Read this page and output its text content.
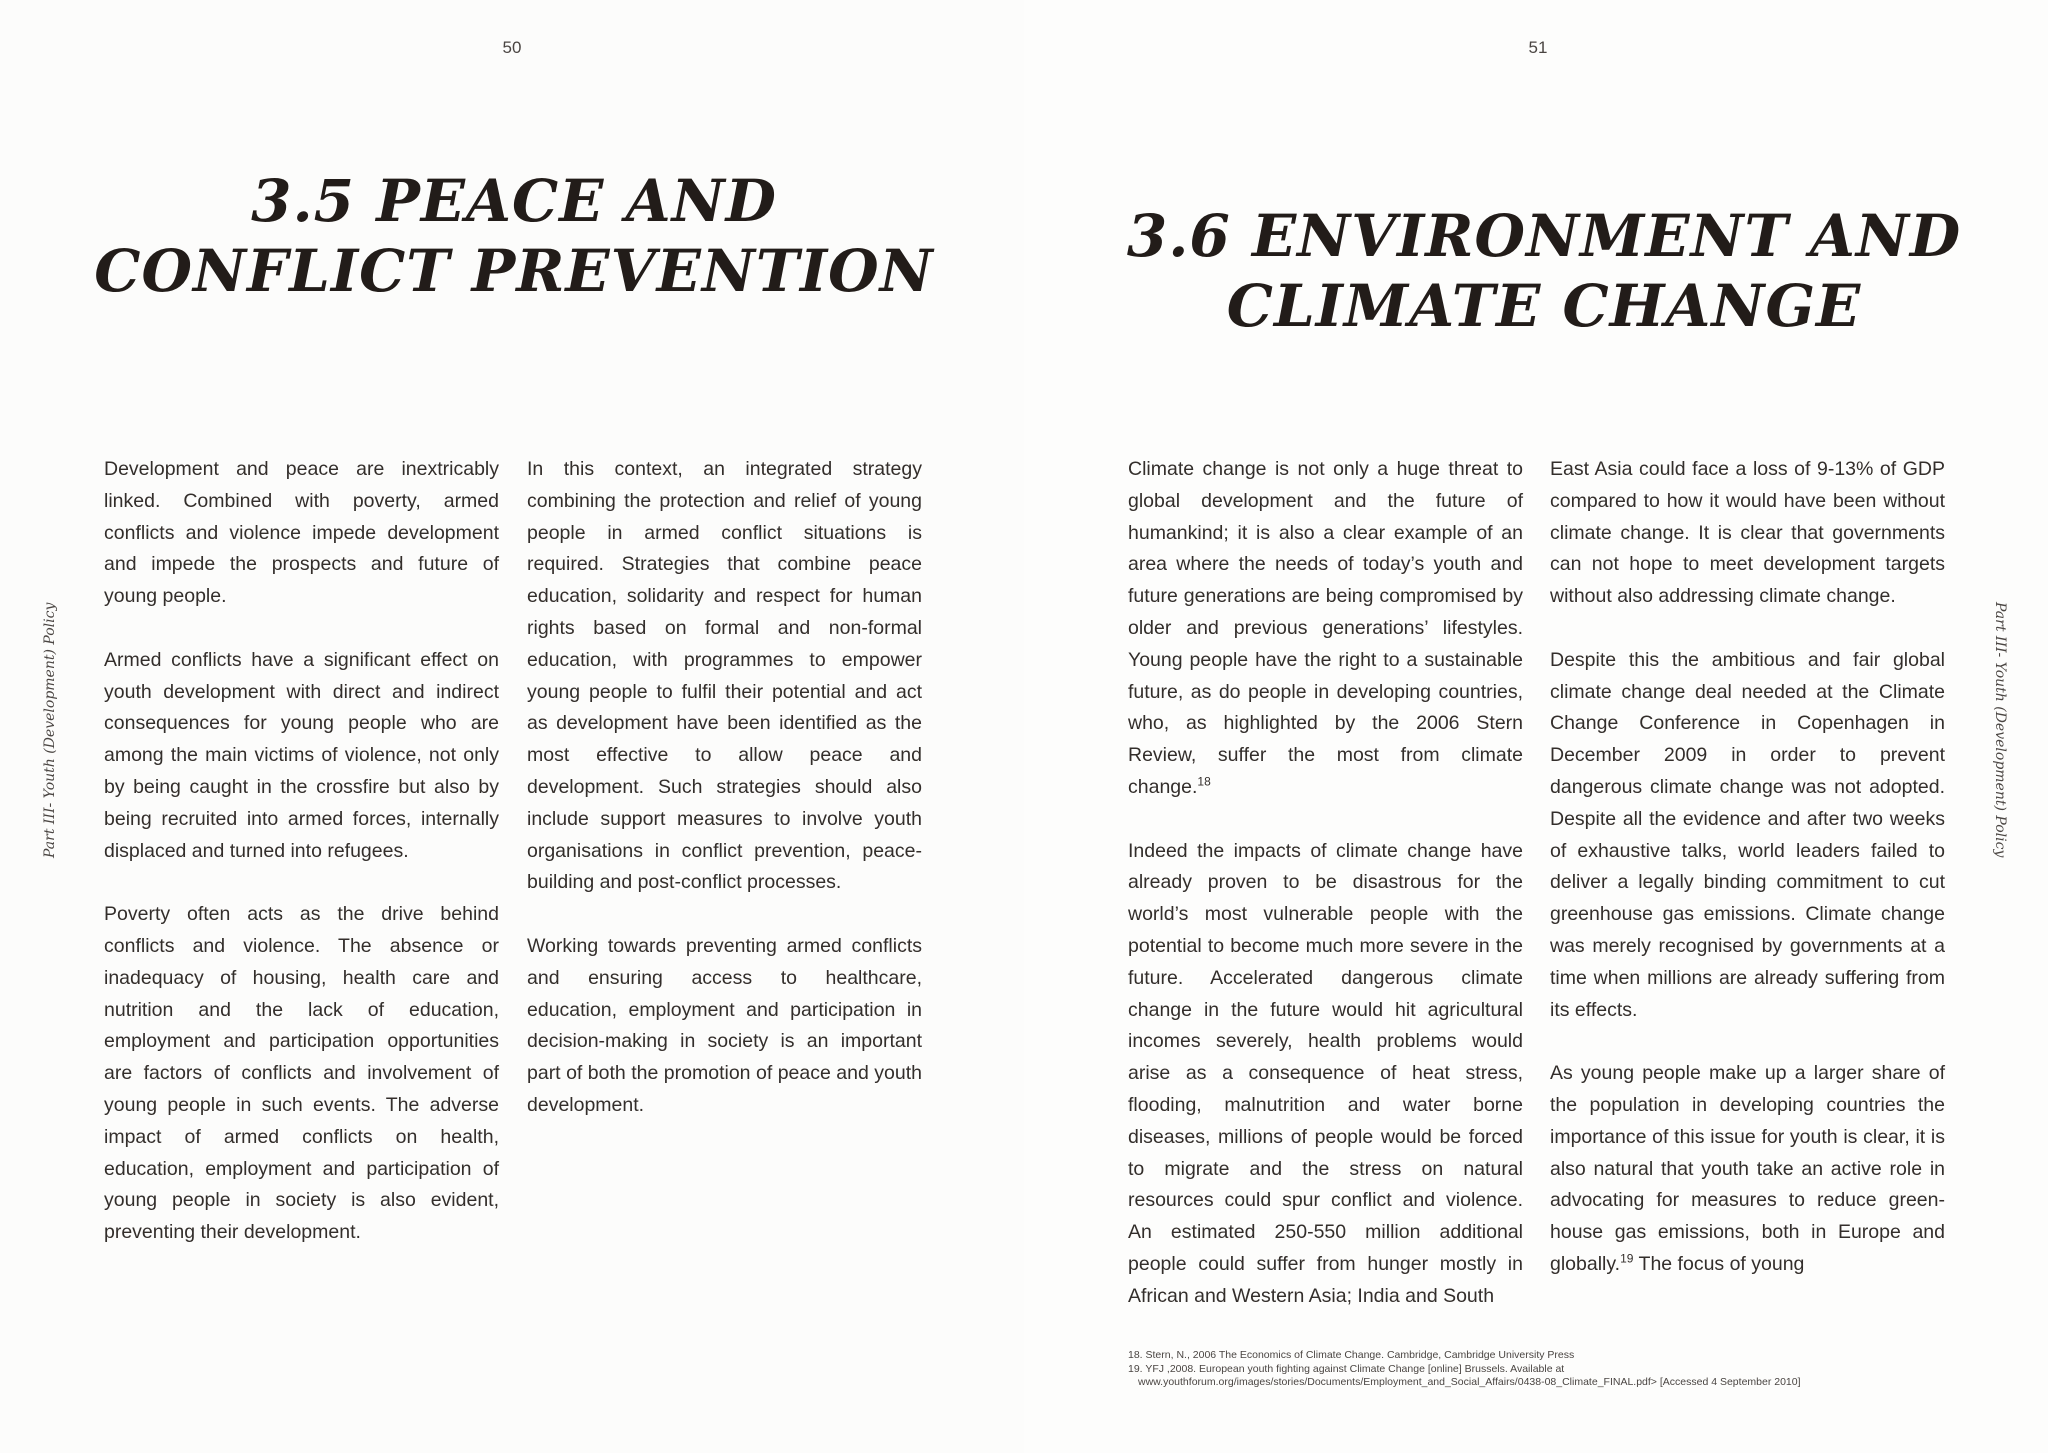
50
3.5 PEACE AND
CONFLICT PREVENTION
Part III- Youth (Development) Policy

Development and peace are inextricably linked. Combined with poverty, armed conflicts and violence impede development and impede the prospects and future of young people.

Armed conflicts have a significant effect on youth development with direct and indirect consequences for young people who are among the main victims of violence, not only by being caught in the crossfire but also by being recruited into armed forces, internally displaced and turned into refugees.

Poverty often acts as the drive behind conflicts and violence. The absence or inadequacy of housing, health care and nutrition and the lack of education, employment and participation opportunities are factors of conflicts and involvement of young people in such events. The adverse impact of armed conflicts on health, education, employment and participation of young people in society is also evident, preventing their development.

In this context, an integrated strategy combining the protection and relief of young people in armed conflict situations is required. Strategies that combine peace education, solidarity and respect for human rights based on formal and non-formal education, with programmes to empower young people to fulfil their potential and act as development have been identified as the most effective to allow peace and development. Such strategies should also include support measures to involve youth organisations in conflict prevention, peace-building and post-conflict processes.

Working towards preventing armed conflicts and ensuring access to healthcare, education, employment and participation in decision-making in society is an important part of both the promotion of peace and youth development.

51
3.6 ENVIRONMENT AND
CLIMATE CHANGE
Part III- Youth (Development) Policy

Climate change is not only a huge threat to global development and the future of humankind; it is also a clear example of an area where the needs of today’s youth and future generations are being compromised by older and previous generations’ lifestyles. Young people have the right to a sustainable future, as do people in developing countries, who, as highlighted by the 2006 Stern Review, suffer the most from climate change.$^{18}$

Indeed the impacts of climate change have already proven to be disastrous for the world’s most vulnerable people with the potential to become much more severe in the future. Accelerated dangerous climate change in the future would hit agricultural incomes severely, health problems would arise as a consequence of heat stress, flooding, malnutrition and water borne diseases, millions of people would be forced to migrate and the stress on natural resources could spur conflict and violence. An estimated 250-550 million additional people could suffer from hunger mostly in African and Western Asia; India and South

East Asia could face a loss of 9-13% of GDP compared to how it would have been without climate change. It is clear that governments can not hope to meet development targets without also addressing climate change.

Despite this the ambitious and fair global climate change deal needed at the Climate Change Conference in Copenhagen in December 2009 in order to prevent dangerous climate change was not adopted. Despite all the evidence and after two weeks of exhaustive talks, world leaders failed to deliver a legally binding commitment to cut greenhouse gas emissions. Climate change was merely recognised by governments at a time when millions are already suffering from its effects.

As young people make up a larger share of the population in developing countries the importance of this issue for youth is clear, it is also natural that youth take an active role in advocating for measures to reduce green-house gas emissions, both in Europe and globally.$^{19}$ The focus of young

18. Stern, N., 2006 The Economics of Climate Change. Cambridge, Cambridge University Press
19. YFJ ,2008. European youth fighting against Climate Change [online] Brussels. Available at
www.youthforum.org/images/stories/Documents/Employment_and_Social_Affairs/0438-08_Climate_FINAL.pdf> [Accessed 4 September 2010]
